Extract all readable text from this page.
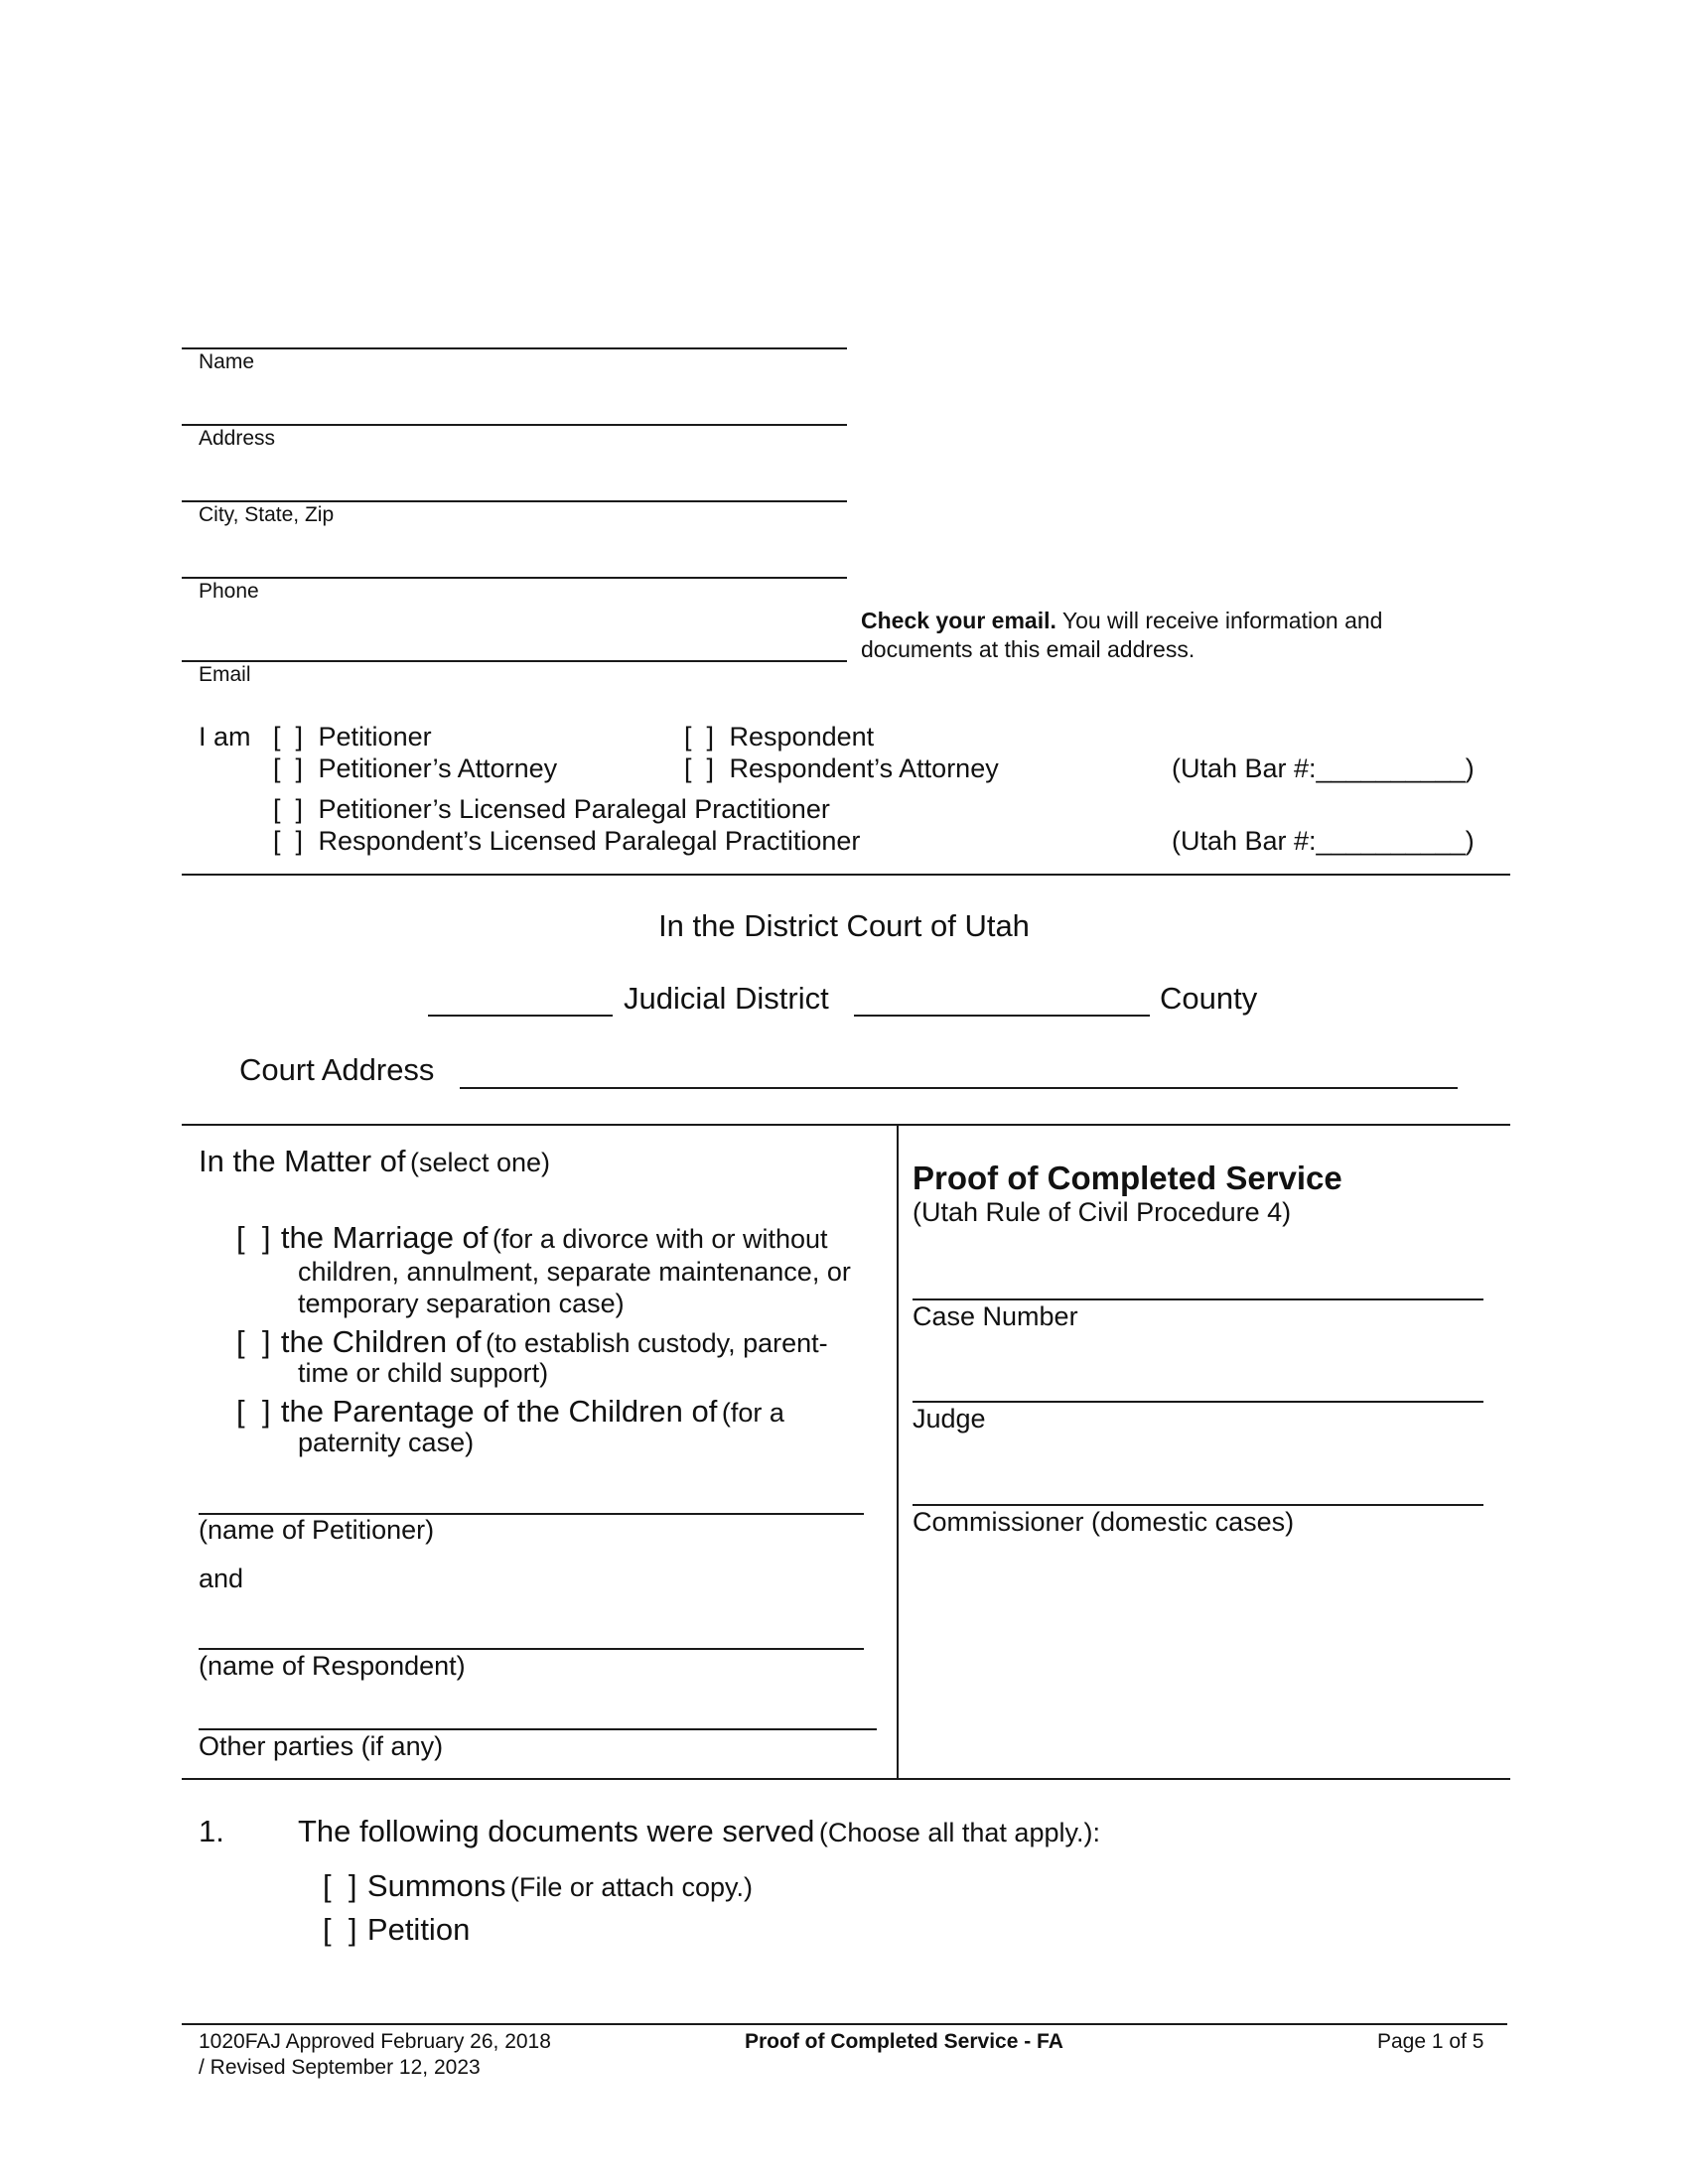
Name
Address
City, State, Zip
Phone
Email
Check your email. You will receive information and
documents at this email address.
I am [  ] Petitioner	[  ] Respondent
[  ] Petitioner’s Attorney	[  ] Respondent’s Attorney	(Utah Bar #:__________)
[  ] Petitioner’s Licensed Paralegal Practitioner
[  ] Respondent’s Licensed Paralegal Practitioner	(Utah Bar #:__________)
In the District Court of Utah
Judicial District	County
Court Address
In the Matter of (select one)
[  ] the Marriage of (for a divorce with or without
children, annulment, separate maintenance, or
temporary separation case)
[  ] the Children of (to establish custody, parent-
time or child support)
[  ] the Parentage of the Children of (for a
paternity case)
(name of Petitioner)
and
(name of Respondent)
Other parties (if any)
Proof of Completed Service
(Utah Rule of Civil Procedure 4)
Case Number
Judge
Commissioner (domestic cases)
1. The following documents were served (Choose all that apply.):
[  ] Summons (File or attach copy.)
[  ] Petition
1020FAJ Approved February 26, 2018
/ Revised September 12, 2023
Proof of Completed Service - FA	Page 1 of 5
